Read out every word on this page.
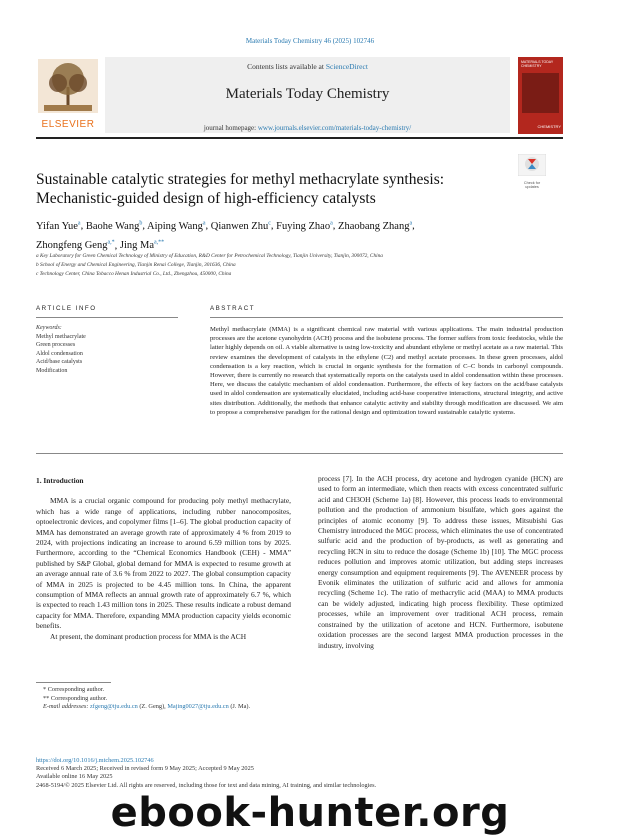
Materials Today Chemistry 46 (2025) 102746
ELSEVIER
Contents lists available at ScienceDirect
Materials Today Chemistry
journal homepage: www.journals.elsevier.com/materials-today-chemistry/
MATERIALS TODAY CHEMISTRY
CHEMISTRY
Check for updates
Sustainable catalytic strategies for methyl methacrylate synthesis:
Mechanistic-guided design of high-efficiency catalysts
Yifan Yue$^a$, Baohe Wang$^b$, Aiping Wang$^a$, Qianwen Zhu$^c$, Fuying Zhao$^a$, Zhaobang Zhang$^a$,
Zhongfeng Geng$^{a,*}$, Jing $Ma^{a,**}$
a Key Laboratory for Green Chemical Technology of Ministry of Education, R&D Center for Petrochemical Technology, Tianjin University, Tianjin, 300072, China
b School of Energy and Chemical Engineering, Tianjin Renai College, Tianjin, 301636, China
c Technology Center, China Tobacco Henan Industrial Co., Ltd., Zhengzhou, 450000, China
ARTICLE INFO	ABSTRACT
Keywords:
Methyl methacrylate
Green processes
Aldol condensation
Acid/base catalysts
Modification
Methyl methacrylate (MMA) is a significant chemical raw material with various applications. The main industrial production processes are the acetone cyanohydrin (ACH) process and the isobutene process. The former suffers from toxic feedstocks, while the latter highly depends on oil. A viable alternative is using low-toxicity and abundant ethylene or methyl acetate as a raw material. This review examines the development of catalysts in the ethylene (C2) and methyl acetate processes. In these green processes, aldol condensation is a key reaction, which is crucial in organic synthesis for the formation of C–C bonds in carbonyl compounds. However, there is currently no research that systematically reports on the catalysts used in aldol condensation within these processes. Here, we discuss the catalytic mechanism of aldol condensation. Furthermore, the effects of key factors on the acid/base catalysts used in aldol condensation are systematically elucidated, including acid-base cooperative interactions, structural integrity, and active sites distribution. Additionally, the methods that enhance catalytic activity and stability through modification are discussed. We aim to propose a comprehensive paradigm for the rational design and optimization toward sustainable catalytic systems.
1. Introduction

MMA is a crucial organic compound for producing poly methyl methacrylate, which has a wide range of applications, including rubber nanocomposites, optoelectronic devices, and copolymer films [1–6]. The global production capacity of MMA has demonstrated an average growth rate of approximately 4 % from 2019 to 2024, with projections indicating an increase to around 6.59 million tons by 2025. Furthermore, according to the “Chemical Economics Handbook (CEH) - MMA” published by S&P Global, global demand for MMA is expected to resume growth at an average annual rate of 3.6 % from 2022 to 2027. The global consumption capacity of MMA in 2025 is projected to be 4.45 million tons. In China, the apparent consumption of MMA reflects an annual growth rate of approximately 6.7 %, which is expected to reach 1.43 million tons in 2025. These results indicate a robust demand capacity for MMA. Therefore, expanding MMA production capacity yields economic benefits.

At present, the dominant production process for MMA is the ACH

process [7]. In the ACH process, dry acetone and hydrogen cyanide (HCN) are used to form an intermediate, which then reacts with excess concentrated sulfuric acid and CH3OH (Scheme 1a) [8]. However, this process leads to environmental pollution and the production of ammonium bisulfate, which goes against the principles of atomic economy [9]. To address these issues, Mitsubishi Gas Chemistry introduced the MGC process, which eliminates the use of concentrated sulfuric acid and the production of by-products, as well as generating and recycling HCN in situ to reduce the dosage (Scheme 1b) [10]. The MGC process reduces pollution and improves atomic utilization, but adding steps increases energy consumption and equipment requirements [9]. The AVENEER process by Evonik eliminates the utilization of sulfuric acid and allows for ammonia recycling (Scheme 1c). The ratio of methacrylic acid (MAA) to MMA products can be widely adjusted, indicating high process flexibility. These optimized processes, while an improvement over traditional ACH process, remain constrained by the utilization of acetone and HCN. Furthermore, isobutene oxidation processes are the second largest MMA production processes in the industry, involving

* Corresponding author.
** Corresponding author.
E-mail addresses: zfgeng@tju.edu.cn (Z. Geng), Majing0027@tju.edu.cn (J. Ma).
https://doi.org/10.1016/j.mtchem.2025.102746
Received 6 March 2025; Received in revised form 9 May 2025; Accepted 9 May 2025
Available online 16 May 2025
2468-5194/© 2025 Elsevier Ltd. All rights are reserved, including those for text and data mining, AI training, and similar technologies.
ebook-hunter.org
